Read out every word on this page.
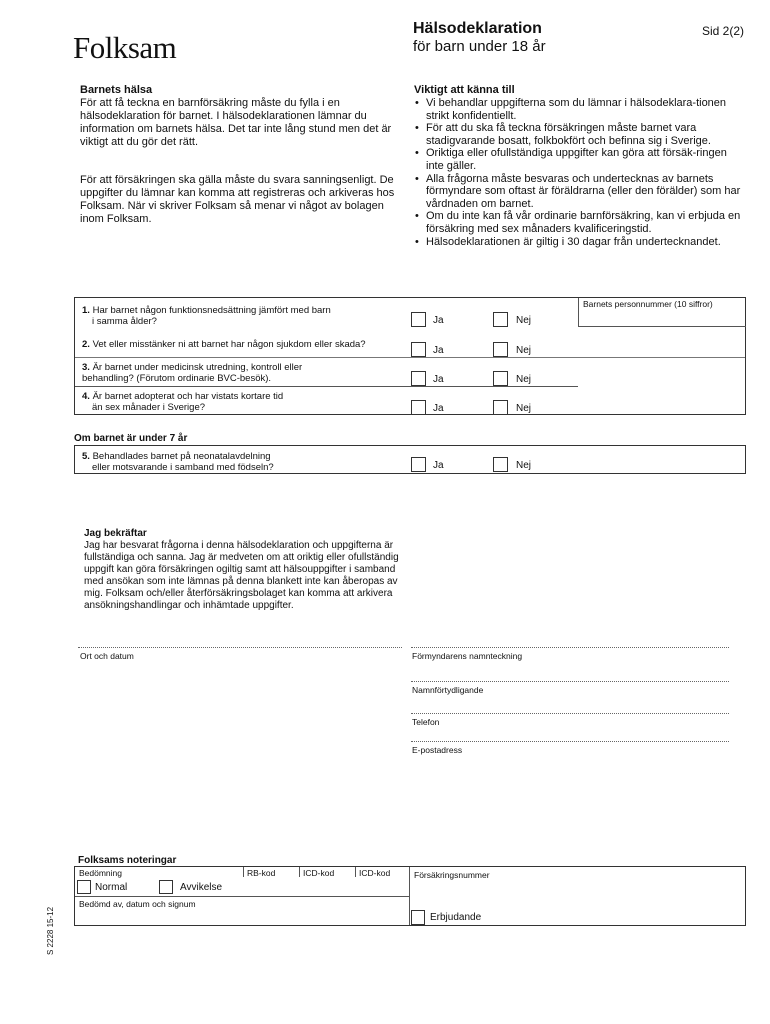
Folksam
Hälsodeklaration
för barn under 18 år
Sid 2(2)
Barnets hälsa

För att få teckna en barnförsäkring måste du fylla i en hälsodeklaration för barnet. I hälsodeklarationen lämnar du information om barnets hälsa. Det tar inte lång stund men det är viktigt att du gör det rätt.

För att försäkringen ska gälla måste du svara sanningsenligt. De uppgifter du lämnar kan komma att registreras och arkiveras hos Folksam. När vi skriver Folksam så menar vi något av bolagen inom Folksam.

Viktigt att känna till
• Vi behandlar uppgifterna som du lämnar i hälsodeklara-tionen strikt konfidentiellt.
• För att du ska få teckna försäkringen måste barnet vara stadigvarande bosatt, folkbokfört och befinna sig i Sverige.
• Oriktiga eller ofullständiga uppgifter kan göra att försäk-ringen inte gäller.
• Alla frågorna måste besvaras och undertecknas av barnets förmyndare som oftast är föräldrarna (eller den förälder) som har vårdnaden om barnet.
• Om du inte kan få vår ordinarie barnförsäkring, kan vi erbjuda en försäkring med sex månaders kvalificeringstid.
• Hälsodeklarationen är giltig i 30 dagar från undertecknandet.
Barnets personnummer (10 siffror)
1. Har barnet någon funktionsnedsättning jämfört med barn
i samma ålder?	Ja	Nej
2. Vet eller misstänker ni att barnet har någon sjukdom eller skada?
Ja	Nej
3. Är barnet under medicinsk utredning, kontroll eller
behandling? (Förutom ordinarie BVC-besök).	Ja	Nej
4. Är barnet adopterat och har vistats kortare tid
än sex månader i Sverige?	Ja	Nej
Om barnet är under 7 år
5. Behandlades barnet på neonatalavdelning
eller motsvarande i samband med födseln?	Ja	Nej
Jag bekräftar
Jag har besvarat frågorna i denna hälsodeklaration och uppgifterna är fullständiga och sanna. Jag är medveten om att oriktig eller ofullständig uppgift kan göra försäkringen ogiltig samt att hälsouppgifter i samband med ansökan som inte lämnas på denna blankett inte kan åberopas av mig. Folksam och/eller återförsäkringsbolaget kan komma att arkivera ansökningshandlingar och inhämtade uppgifter.
Ort och datum	Förmyndarens namnteckning
Namnförtydligande
Telefon
E-postadress
Folksams noteringar
Bedömning	RB-kod	ICD-kod	ICD-kod	Försäkringsnummer
Normal	Avvikelse
Bedömd av, datum och signum
Erbjudande
S 2228 15-12
